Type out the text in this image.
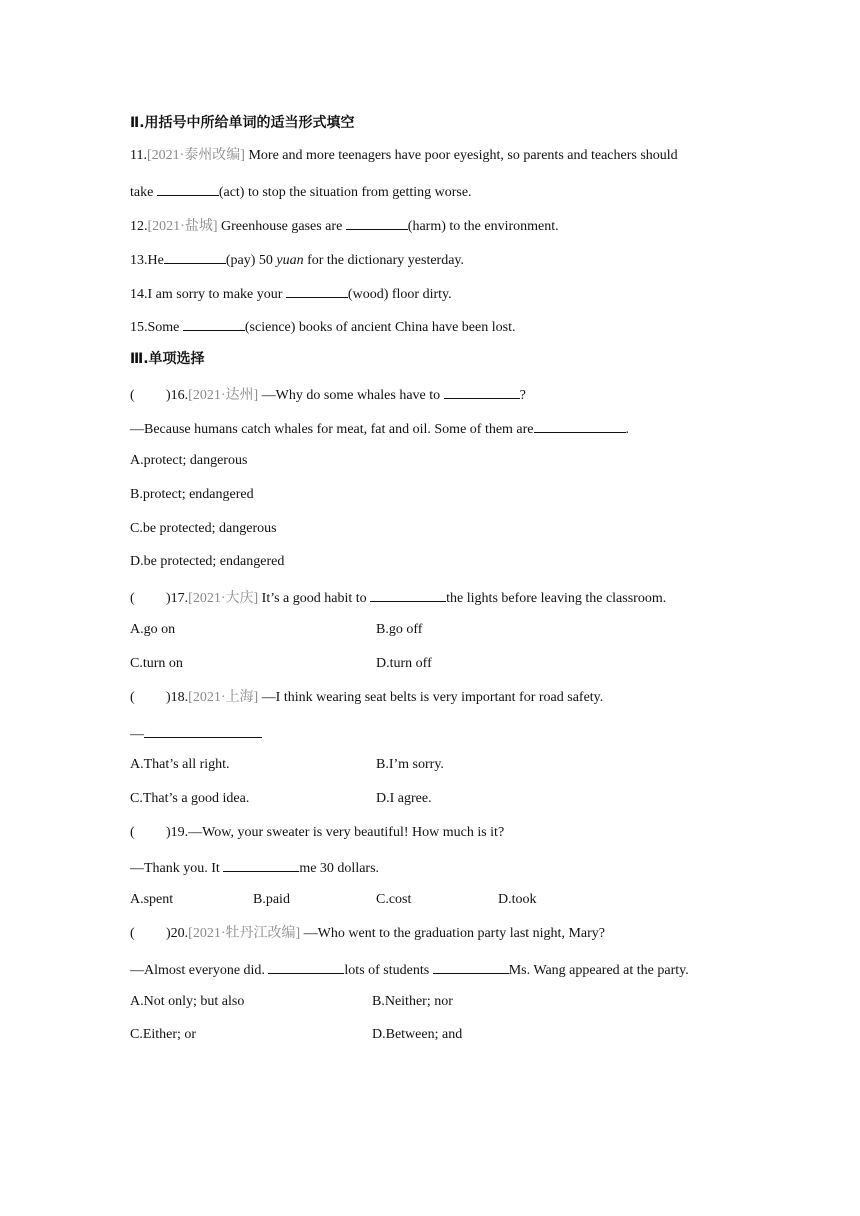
Ⅱ.用括号中所给单词的适当形式填空
11.[2021·泰州改编] More and more teenagers have poor eyesight, so parents and teachers should
take	(act) to stop the situation from getting worse.
12.[2021·盐城] Greenhouse gases are	(harm) to the environment.
13.He	(pay) 50 yuan for the dictionary yesterday.
14.I am sorry to make your	(wood) floor dirty.
15.Some	(science) books of ancient China have been lost.
Ⅲ.单项选择
( )16.[2021·达州] —Why do some whales have to	?
—Because humans catch whales for meat, fat and oil. Some of them are	.
A.protect; dangerous
B.protect; endangered
C.be protected; dangerous
D.be protected; endangered
( )17.[2021·大庆] It’s a good habit to	the lights before leaving the classroom.
A.go on	B.go off
C.turn on	D.turn off
( )18.[2021·上海] —I think wearing seat belts is very important for road safety.
—
A.That’s all right.	B.I’m sorry.
C.That’s a good idea.	D.I agree.
( )19.—Wow, your sweater is very beautiful! How much is it?
—Thank you. It	me 30 dollars.
A.spent	B.paid	C.cost	D.took
( )20.[2021·牡丹江改编] —Who went to the graduation party last night, Mary?
—Almost everyone did.	lots of students	Ms. Wang appeared at the party.
A.Not only; but also	B.Neither; nor
C.Either; or	D.Between; and
